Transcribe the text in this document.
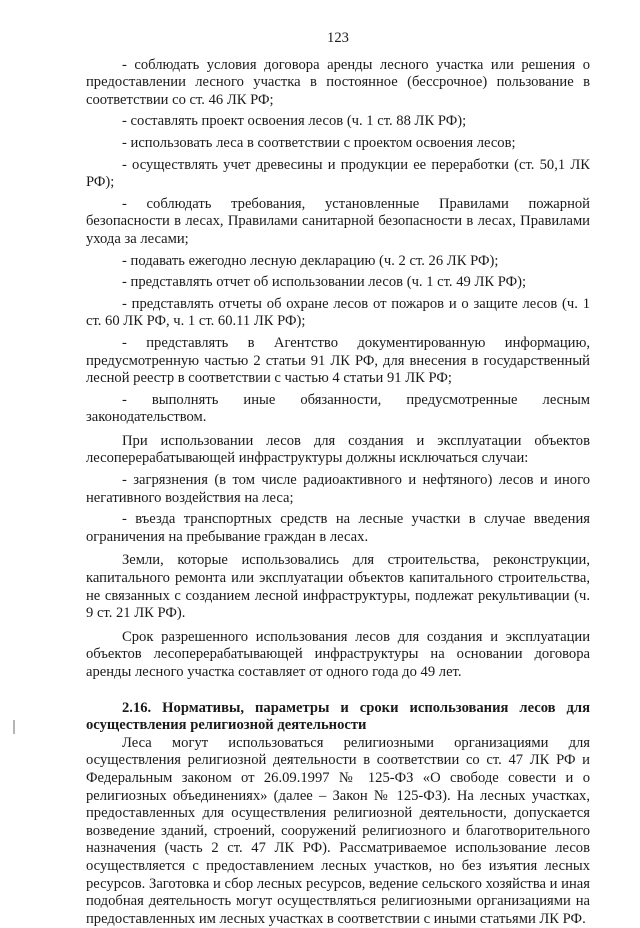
123

- соблюдать условия договора аренды лесного участка или решения о предоставлении лесного участка в постоянное (бессрочное) пользование в соответствии со ст. 46 ЛК РФ;

- составлять проект освоения лесов (ч. 1 ст. 88 ЛК РФ);

- использовать леса в соответствии с проектом освоения лесов;

- осуществлять учет древесины и продукции ее переработки (ст. 50,1 ЛК РФ);

- соблюдать требования, установленные Правилами пожарной безопасности в лесах, Правилами санитарной безопасности в лесах, Правилами ухода за лесами;

- подавать ежегодно лесную декларацию (ч. 2 ст. 26 ЛК РФ);

- представлять отчет об использовании лесов (ч. 1 ст. 49 ЛК РФ);

- представлять отчеты об охране лесов от пожаров и о защите лесов (ч. 1 ст. 60 ЛК РФ, ч. 1 ст. 60.11 ЛК РФ);

- представлять в Агентство документированную информацию, предусмотренную частью 2 статьи 91 ЛК РФ, для внесения в государственный лесной реестр в соответствии с частью 4 статьи 91 ЛК РФ;

- выполнять иные обязанности, предусмотренные лесным законодательством.

При использовании лесов для создания и эксплуатации объектов лесоперерабатывающей инфраструктуры должны исключаться случаи:

- загрязнения (в том числе радиоактивного и нефтяного) лесов и иного негативного воздействия на леса;

- въезда транспортных средств на лесные участки в случае введения ограничения на пребывание граждан в лесах.

Земли, которые использовались для строительства, реконструкции, капитального ремонта или эксплуатации объектов капитального строительства, не связанных с созданием лесной инфраструктуры, подлежат рекультивации (ч. 9 ст. 21 ЛК РФ).

Срок разрешенного использования лесов для создания и эксплуатации объектов лесоперерабатывающей инфраструктуры на основании договора аренды лесного участка составляет от одного года до 49 лет.

2.16. Нормативы, параметры и сроки использования лесов для осуществления религиозной деятельности

Леса могут использоваться религиозными организациями для осуществления религиозной деятельности в соответствии со ст. 47 ЛК РФ и Федеральным законом от 26.09.1997 № 125-ФЗ «О свободе совести и о религиозных объединениях» (далее – Закон № 125-ФЗ). На лесных участках, предоставленных для осуществления религиозной деятельности, допускается возведение зданий, строений, сооружений религиозного и благотворительного назначения (часть 2 ст. 47 ЛК РФ). Рассматриваемое использование лесов осуществляется с предоставлением лесных участков, но без изъятия лесных ресурсов. Заготовка и сбор лесных ресурсов, ведение сельского хозяйства и иная подобная деятельность могут осуществляться религиозными организациями на предоставленных им лесных участках в соответствии с иными статьями ЛК РФ.
